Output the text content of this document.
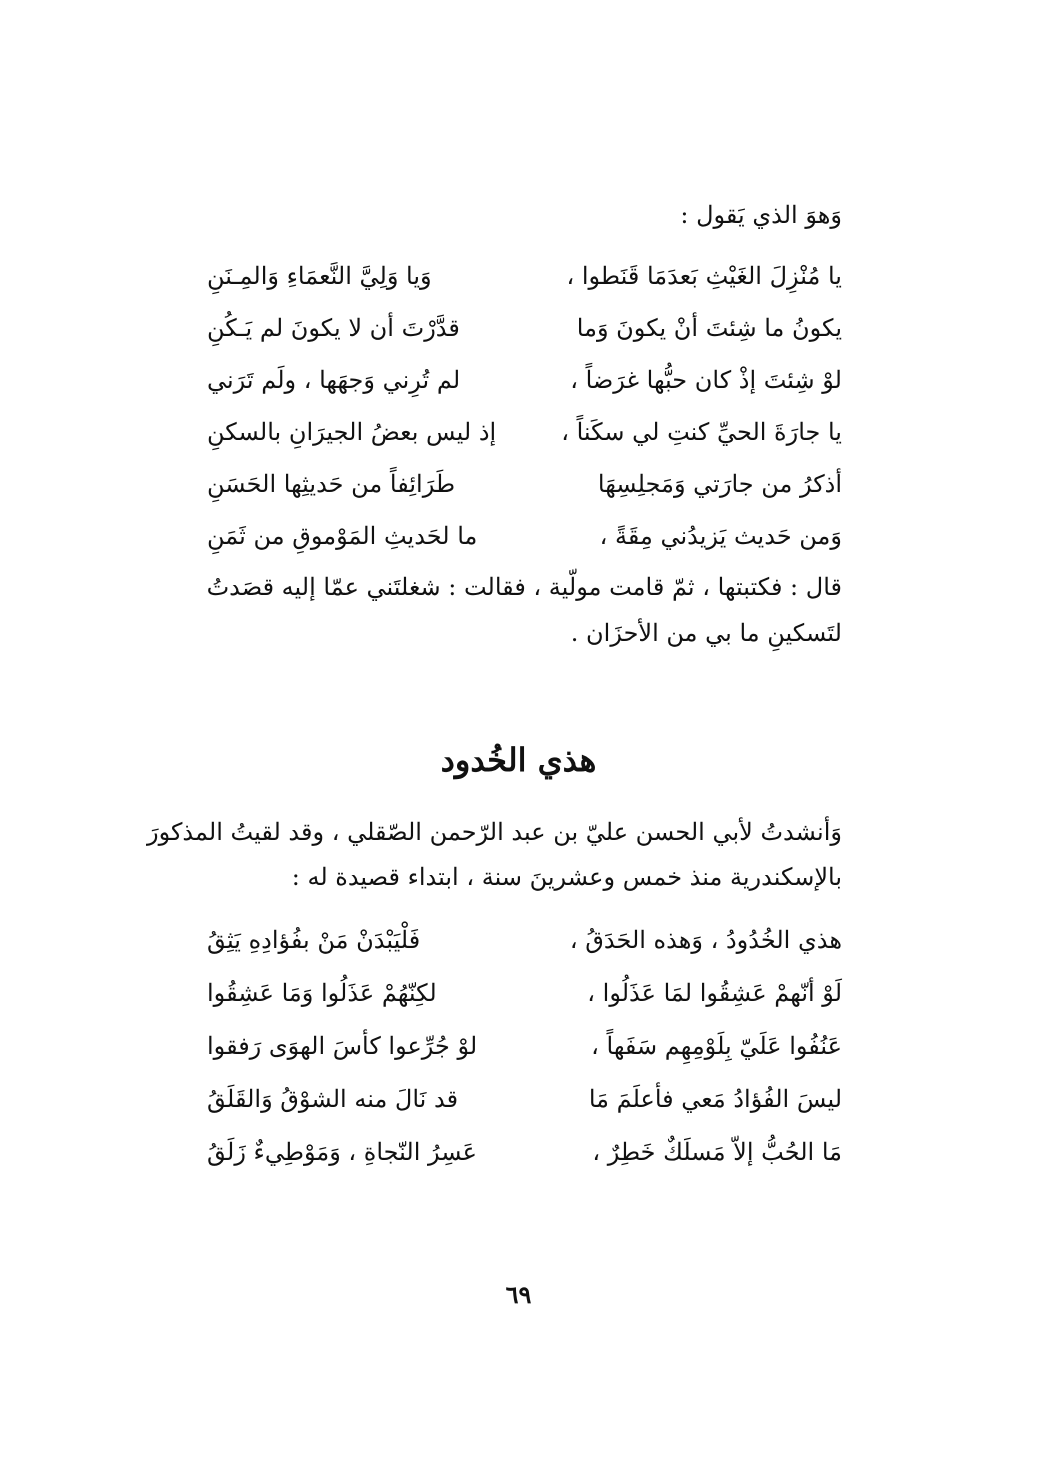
وَهوَ الذي يَقول :
يا مُنْزِلَ الغَيْثِ بَعدَمَا قَنَطوا ،
وَيا وَلِيَّ النَّعمَاءِ وَالمِـنَنِ
يكونُ ما شِئتَ أنْ يكونَ وَما
قدَّرْتَ أن لا يكونَ لم يَـكُنِ
لوْ شِئتَ إذْ كان حبُّها غرَضاً ،
لم تُرِني وَجهَها ، ولَم تَرَني
يا جارَةَ الحيِّ كنتِ لي سكَناً ،
إذ ليس بعضُ الجيرَانِ بالسكنِ
أذكرُ من جارَتي وَمَجلِسِهَا
طَرَائِفاً من حَديثِها الحَسَنِ
وَمن حَديث يَزيدُني مِقَةً ،
ما لحَديثِ المَوْموقِ من ثَمَنِ
قال : فكتبتها ، ثمّ قامت مولّية ، فقالت : شغلتَني عمّا إليه قصَدتُ
لتَسكينِ ما بي من الأحزَان .
هذي الخُدود
وَأنشدتُ لأبي الحسن عليّ بن عبد الرّحمن الصّقلي ، وقد لقيتُ المذكورَ
بالإسكندرية منذ خمس وعشرينَ سنة ، ابتداء قصيدة له :
هذي الخُدُودُ ، وَهذه الحَدَقُ ،
فَلْيَبْدَنْ مَنْ بفُؤادِهِ يَثِقُ
لَوْ أنّهمْ عَشِقُوا لمَا عَذَلُوا ،
لكِنّهُمْ عَذَلُوا وَمَا عَشِقُوا
عَنُفُوا عَلَيّ بِلَوْمِهِم سَفَهاً ،
لوْ جُرِّعوا كأسَ الهوَى رَفقوا
ليسَ الفُؤادُ مَعي فأعلَمَ مَا
قد نَالَ منه الشوْقُ وَالقَلَقُ
مَا الحُبُّ إلاّ مَسلَكٌ خَطِرٌ ،
عَسِرُ النّجاةِ ، وَمَوْطِيءٌ زَلَقُ
٦٩
